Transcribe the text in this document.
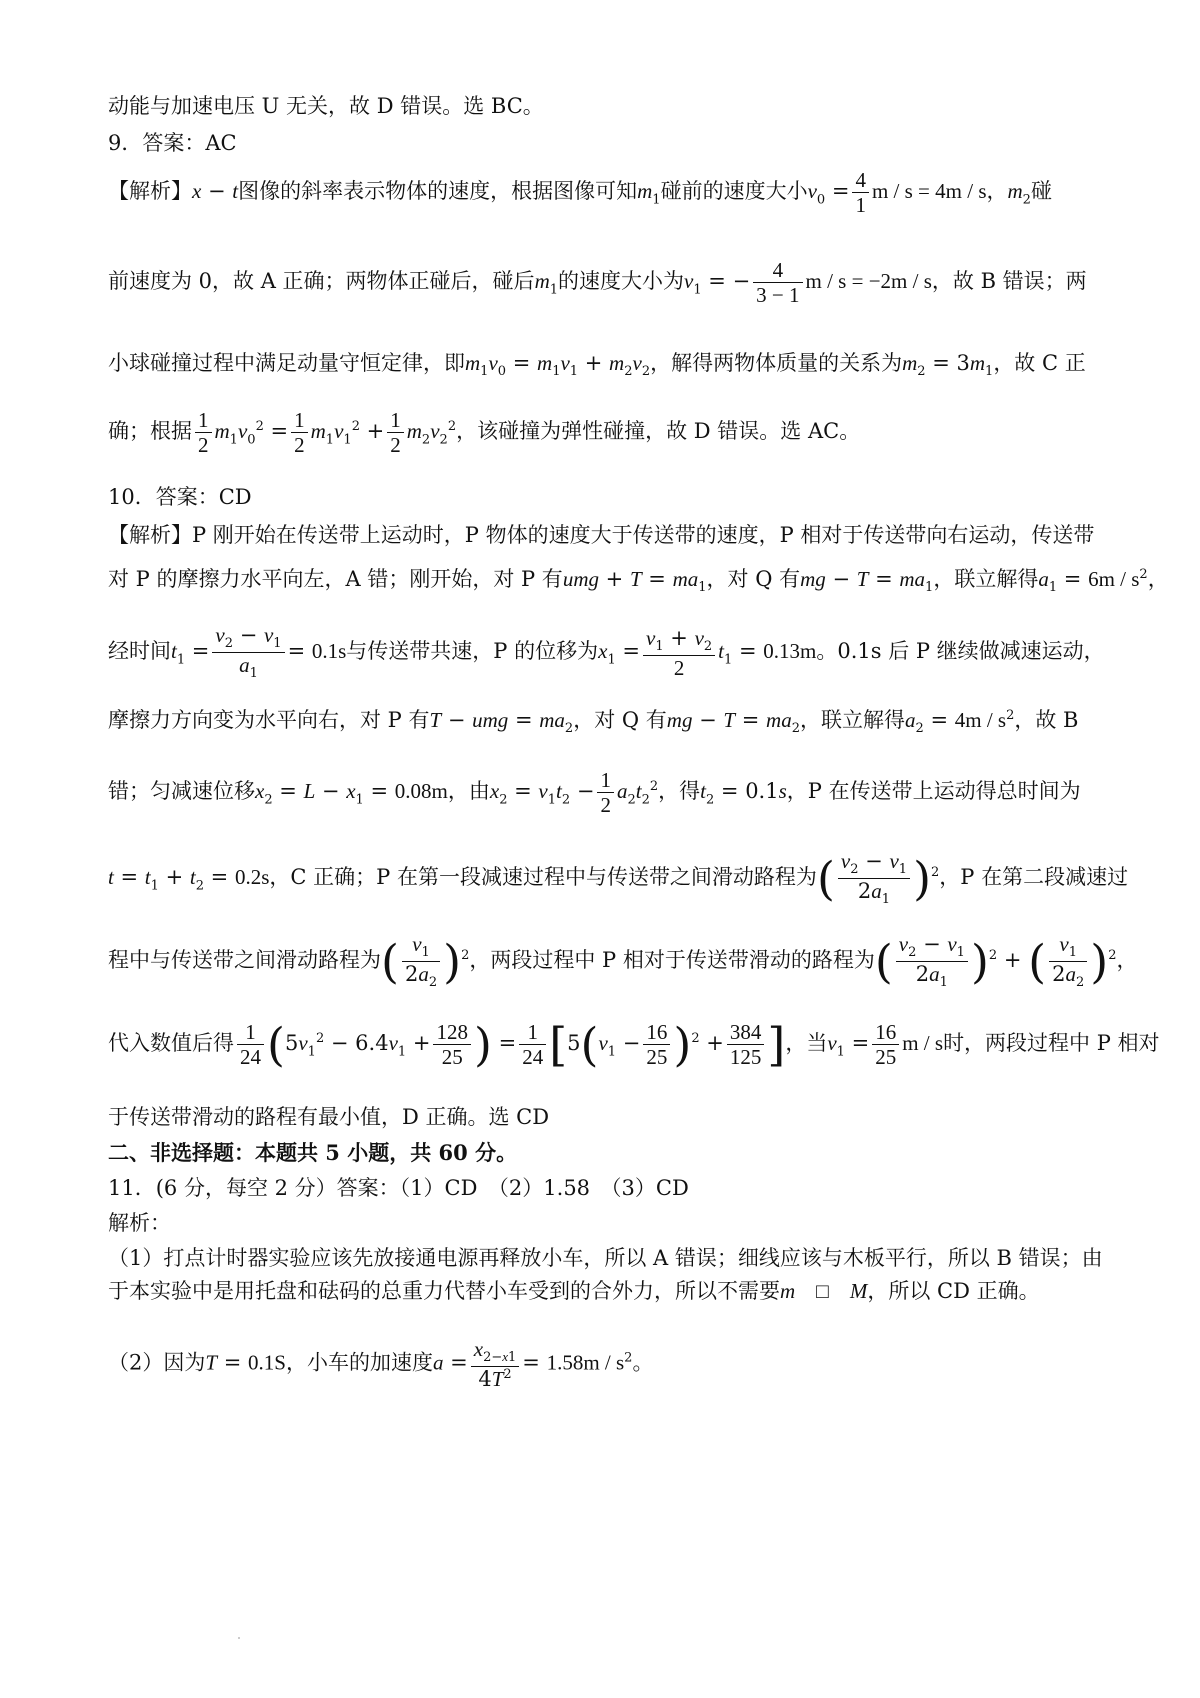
动能与加速电压 U 无关，故 D 错误。选 BC。
9．答案：AC
【解析】x − t图像的斜率表示物体的速度，根据图像可知$m_1$碰前的速度大小$v_0 = \frac{4}{1}$ m / s = 4m / s，$m_2$碰
前速度为 0，故 A 正确；两物体正碰后，碰后$m_1$的速度大小为$v_1$ = − $\frac{4}{3 - 1}$ m / s = −2m / s，故 B 错误；两
小球碰撞过程中满足动量守恒定律，即$m_1v_0 = m_1v_1 + m_2v_2$，解得两物体质量的关系为$m_2 = 3m_1$，故 C 正
确；根据 $\frac{1}{2} m_1v_0^2 = \frac{1}{2} m_1v_1^2 + \frac{1}{2} m_2v_2^2$，该碰撞为弹性碰撞，故 D 错误。选 AC。
10．答案：CD
【解析】P 刚开始在传送带上运动时，P 物体的速度大于传送带的速度，P 相对于传送带向右运动，传送带
对 P 的摩擦力水平向左，A 错；刚开始，对 P 有umg + $T = ma_1$，对 Q 有mg − $T = ma_1$，联立解得$a_1 = 6m / s^2$，
经时间$t_1 = \frac{v_2 - v_1}{a_1} = 0.1s$与传送带共速，P 的位移为$x_1 = \frac{v_1 + v_2}{2} t_1 = 0.13m$。0.1s 后 P 继续做减速运动，
摩擦力方向变为水平向右，对 P 有T − umg = $ma_2$，对 Q 有mg − $T = ma_2$，联立解得$a_2 = 4m / s^2$，故 B
错；匀减速位移$x_2 = L - x_1 = 0.08m$，由$x_2 = v_1t_2 - \frac{1}{2} a_2t_2^2$，得$t_2 = 0.1s$，P 在传送带上运动得总时间为
$t = t_1 + t_2 = 0.2s$，C 正确；P 在第一段减速过程中与传送带之间滑动路程为( $\frac{v_2 - v_1}{2a_1} )^2$，P 在第二段减速过
程中与传送带之间滑动路程为( $\frac{v_1}{2a_2} )^2$，两段过程中 P 相对于传送带滑动的路程为( $\frac{v_2 - v_1}{2a_1} )^2$ + ( $\frac{v_1}{2a_2} )^2$，
代入数值后得 $\frac{1}{24} (5v_1^2 - 6.4v_1 + \frac{128}{25}$ ) = $\frac{1}{24} [5(v_1 - \frac{16}{25} )^2 + \frac{384}{125}$ ]，当$v_1 = \frac{16}{25}$ m / s时，两段过程中 P 相对
于传送带滑动的路程有最小值，D 正确。选 CD
二、非选择题：本题共 5 小题，共 60 分。
11．(6 分，每空 2 分）答案：（1）CD　（2）1.58　（3）CD
解析：
（1）打点计时器实验应该先放接通电源再释放小车，所以 A 错误；细线应该与木板平行，所以 B 错误；由
于本实验中是用托盘和砝码的总重力代替小车受到的合外力，所以不需要m　□　M，所以 CD 正确。
（2）因为T = 0.1S，小车的加速度$a = \frac{x_{2-x1}}{4T^2} = 1.58m / s^2$。
